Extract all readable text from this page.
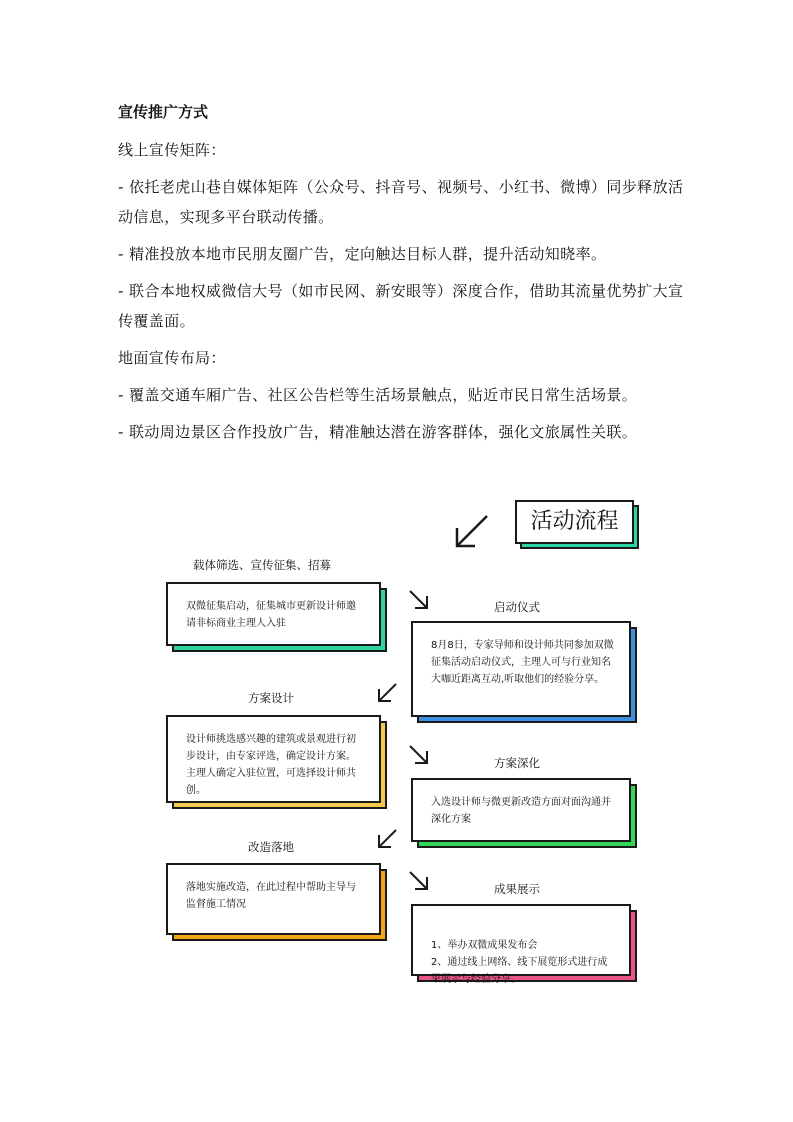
宣传推广方式
线上宣传矩阵：
- 依托老虎山巷自媒体矩阵（公众号、抖音号、视频号、小红书、微博）同步释放活动信息，实现多平台联动传播。
- 精准投放本地市民朋友圈广告，定向触达目标人群，提升活动知晓率。
- 联合本地权威微信大号（如市民网、新安眼等）深度合作，借助其流量优势扩大宣传覆盖面。
地面宣传布局：
- 覆盖交通车厢广告、社区公告栏等生活场景触点，贴近市民日常生活场景。
- 联动周边景区合作投放广告，精准触达潜在游客群体，强化文旅属性关联。
活动流程
载体筛选、宣传征集、招募
双微征集启动，征集城市更新设计师邀请非标商业主理人入驻
启动仪式
8月8日，专家导师和设计师共同参加双微征集活动启动仪式，主理人可与行业知名大咖近距离互动,听取他们的经验分享。
方案设计
设计师挑选感兴趣的建筑或景观进行初步设计，由专家评选，确定设计方案。主理人确定入驻位置，可选择设计师共创。
方案深化
入选设计师与微更新改造方面对面沟通并深化方案
改造落地
落地实施改造，在此过程中帮助主导与监督施工情况
成果展示

1、举办双微成果发布会
2、通过线上网络、线下展览形式进行成果展示与经验分享。
